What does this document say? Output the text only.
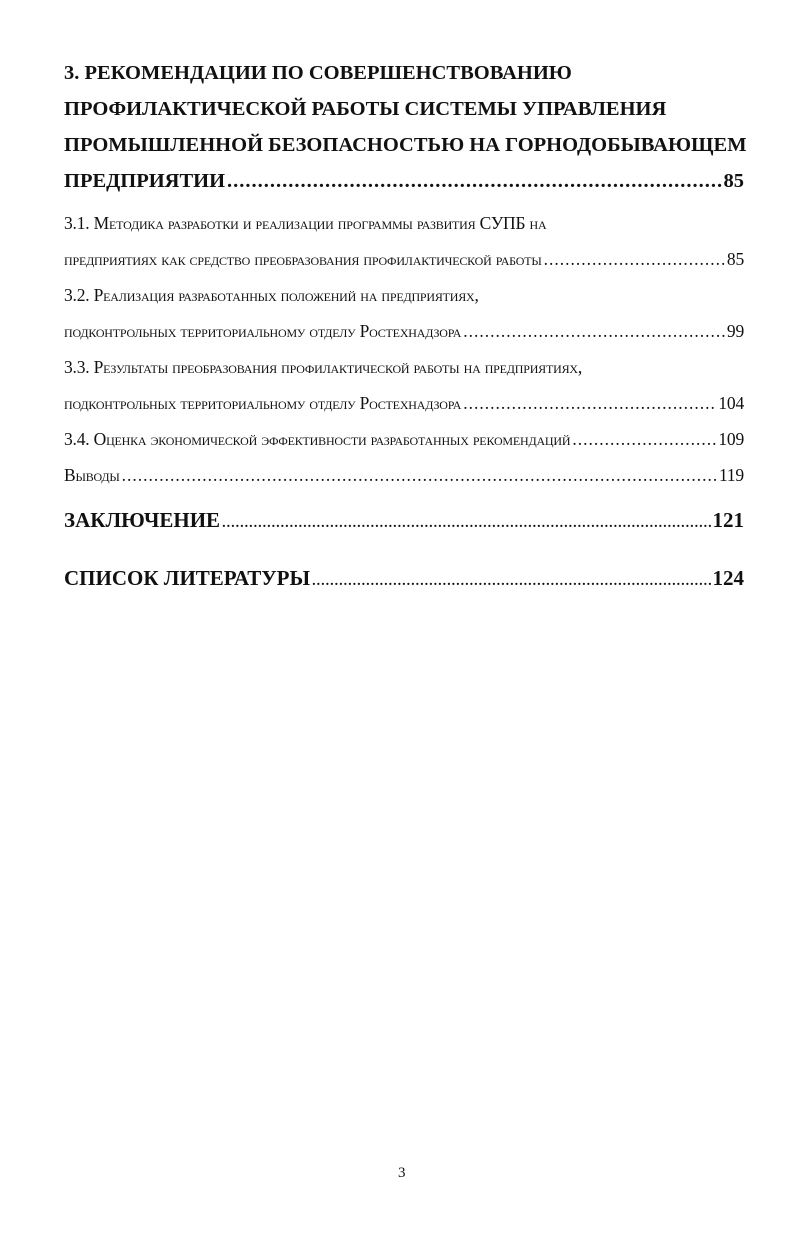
3. РЕКОМЕНДАЦИИ ПО СОВЕРШЕНСТВОВАНИЮ
ПРОФИЛАКТИЧЕСКОЙ РАБОТЫ СИСТЕМЫ УПРАВЛЕНИЯ
ПРОМЫШЛЕННОЙ БЕЗОПАСНОСТЬЮ НА ГОРНОДОБЫВАЮЩЕМ
ПРЕДПРИЯТИИ .....	85
3.1. Методика разработки и реализации программы развития СУПБ на
предприятиях как средство преобразования профилактической работы .....	85
3.2. Реализация разработанных положений на предприятиях,
подконтрольных территориальному отделу Ростехнадзора .....	99
3.3. Результаты преобразования профилактической работы на предприятиях,
подконтрольных территориальному отделу Ростехнадзора .....	104
3.4. Оценка экономической эффективности разработанных рекомендаций .....	109
Выводы .....	119
ЗАКЛЮЧЕНИЕ .....	121
СПИСОК ЛИТЕРАТУРЫ .....	124
3
